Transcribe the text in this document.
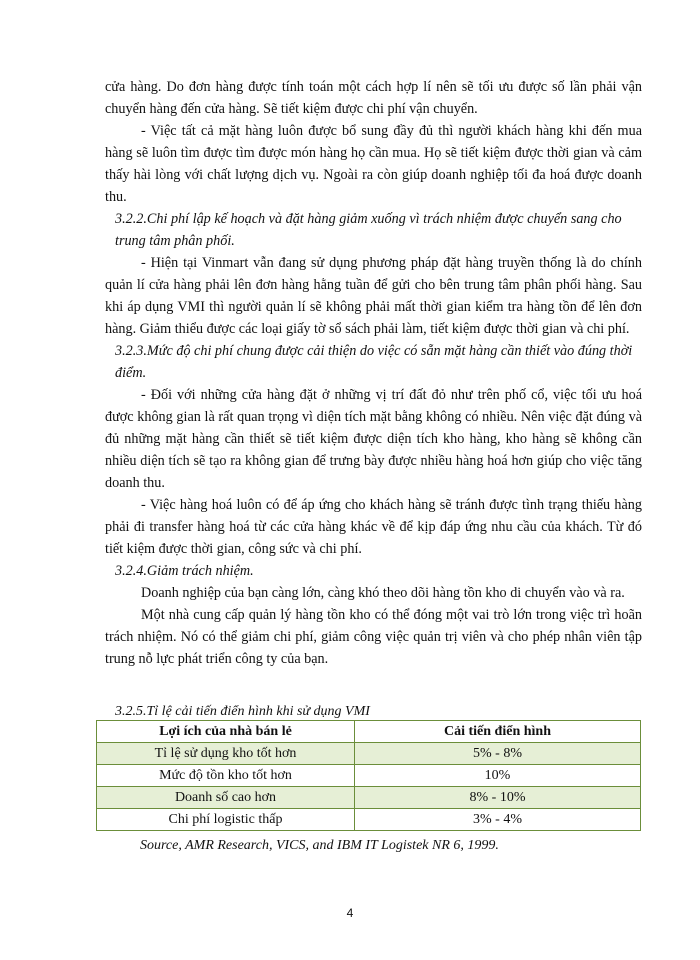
cửa hàng. Do đơn hàng được tính toán một cách hợp lí nên sẽ tối ưu được số lần phải vận chuyển hàng đến cửa hàng. Sẽ tiết kiệm được chi phí vận chuyển.

- Việc tất cả mặt hàng luôn được bổ sung đầy đủ thì người khách hàng khi đến mua hàng sẽ luôn tìm được tìm được món hàng họ cần mua. Họ sẽ tiết kiệm được thời gian và cảm thấy hài lòng với chất lượng dịch vụ. Ngoài ra còn giúp doanh nghiệp tối đa hoá được doanh thu.

3.2.2.Chi phí lập kế hoạch và đặt hàng giảm xuống vì trách nhiệm được chuyển sang cho trung tâm phân phối.

- Hiện tại Vinmart vẫn đang sử dụng phương pháp đặt hàng truyền thống là do chính quản lí cửa hàng phải lên đơn hàng hằng tuần để gửi cho bên trung tâm phân phối hàng. Sau khi áp dụng VMI thì người quản lí sẽ không phải mất thời gian kiểm tra hàng tồn để lên đơn hàng. Giảm thiểu được các loại giấy tờ sổ sách phải làm, tiết kiệm được thời gian và chi phí.

3.2.3.Mức độ chi phí chung được cải thiện do việc có sẵn mặt hàng cần thiết vào đúng thời điểm.

- Đối với những cửa hàng đặt ở những vị trí đất đỏ như trên phố cổ, việc tối ưu hoá được không gian là rất quan trọng vì diện tích mặt bằng không có nhiều. Nên việc đặt đúng và đủ những mặt hàng cần thiết sẽ tiết kiệm được diện tích kho hàng, kho hàng sẽ không cần nhiều diện tích sẽ tạo ra không gian để trưng bày được nhiều hàng hoá hơn giúp cho việc tăng doanh thu.

- Việc hàng hoá luôn có để áp ứng cho khách hàng sẽ tránh được tình trạng thiếu hàng phải đi transfer hàng hoá từ các cửa hàng khác về để kịp đáp ứng nhu cầu của khách. Từ đó tiết kiệm được thời gian, công sức và chi phí.

3.2.4.Giảm trách nhiệm.

Doanh nghiệp của bạn càng lớn, càng khó theo dõi hàng tồn kho di chuyển vào và ra.

Một nhà cung cấp quản lý hàng tồn kho có thể đóng một vai trò lớn trong việc trì hoãn trách nhiệm. Nó có thể giảm chi phí, giảm công việc quản trị viên và cho phép nhân viên tập trung nỗ lực phát triển công ty của bạn.

3.2.5.Tỉ lệ cải tiến điển hình khi sử dụng VMI
Lợi ích của nhà bán lẻ	Cải tiến điển hình
Tỉ lệ sử dụng kho tốt hơn	5% - 8%
Mức độ tồn kho tốt hơn	10%
Doanh số cao hơn	8% - 10%
Chi phí logistic thấp	3% - 4%
Source, AMR Research, VICS, and IBM IT Logistek NR 6, 1999.
4
